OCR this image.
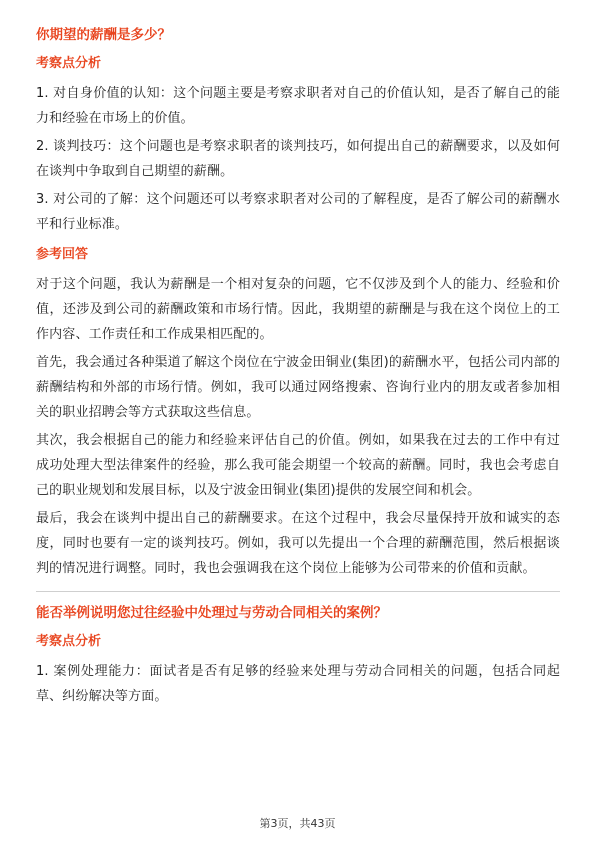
你期望的薪酬是多少？
考察点分析

1. 对自身价值的认知：这个问题主要是考察求职者对自己的价值认知，是否了解自己的能力和经验在市场上的价值。

2. 谈判技巧：这个问题也是考察求职者的谈判技巧，如何提出自己的薪酬要求，以及如何在谈判中争取到自己期望的薪酬。

3. 对公司的了解：这个问题还可以考察求职者对公司的了解程度，是否了解公司的薪酬水平和行业标准。

参考回答

对于这个问题，我认为薪酬是一个相对复杂的问题，它不仅涉及到个人的能力、经验和价值，还涉及到公司的薪酬政策和市场行情。因此，我期望的薪酬是与我在这个岗位上的工作内容、工作责任和工作成果相匹配的。

首先，我会通过各种渠道了解这个岗位在宁波金田铜业(集团)的薪酬水平，包括公司内部的薪酬结构和外部的市场行情。例如，我可以通过网络搜索、咨询行业内的朋友或者参加相关的职业招聘会等方式获取这些信息。

其次，我会根据自己的能力和经验来评估自己的价值。例如，如果我在过去的工作中有过成功处理大型法律案件的经验，那么我可能会期望一个较高的薪酬。同时，我也会考虑自己的职业规划和发展目标，以及宁波金田铜业(集团)提供的发展空间和机会。

最后，我会在谈判中提出自己的薪酬要求。在这个过程中，我会尽量保持开放和诚实的态度，同时也要有一定的谈判技巧。例如，我可以先提出一个合理的薪酬范围，然后根据谈判的情况进行调整。同时，我也会强调我在这个岗位上能够为公司带来的价值和贡献。

能否举例说明您过往经验中处理过与劳动合同相关的案例？
考察点分析

1. 案例处理能力：面试者是否有足够的经验来处理与劳动合同相关的问题，包括合同起草、纠纷解决等方面。

第3页，共43页
